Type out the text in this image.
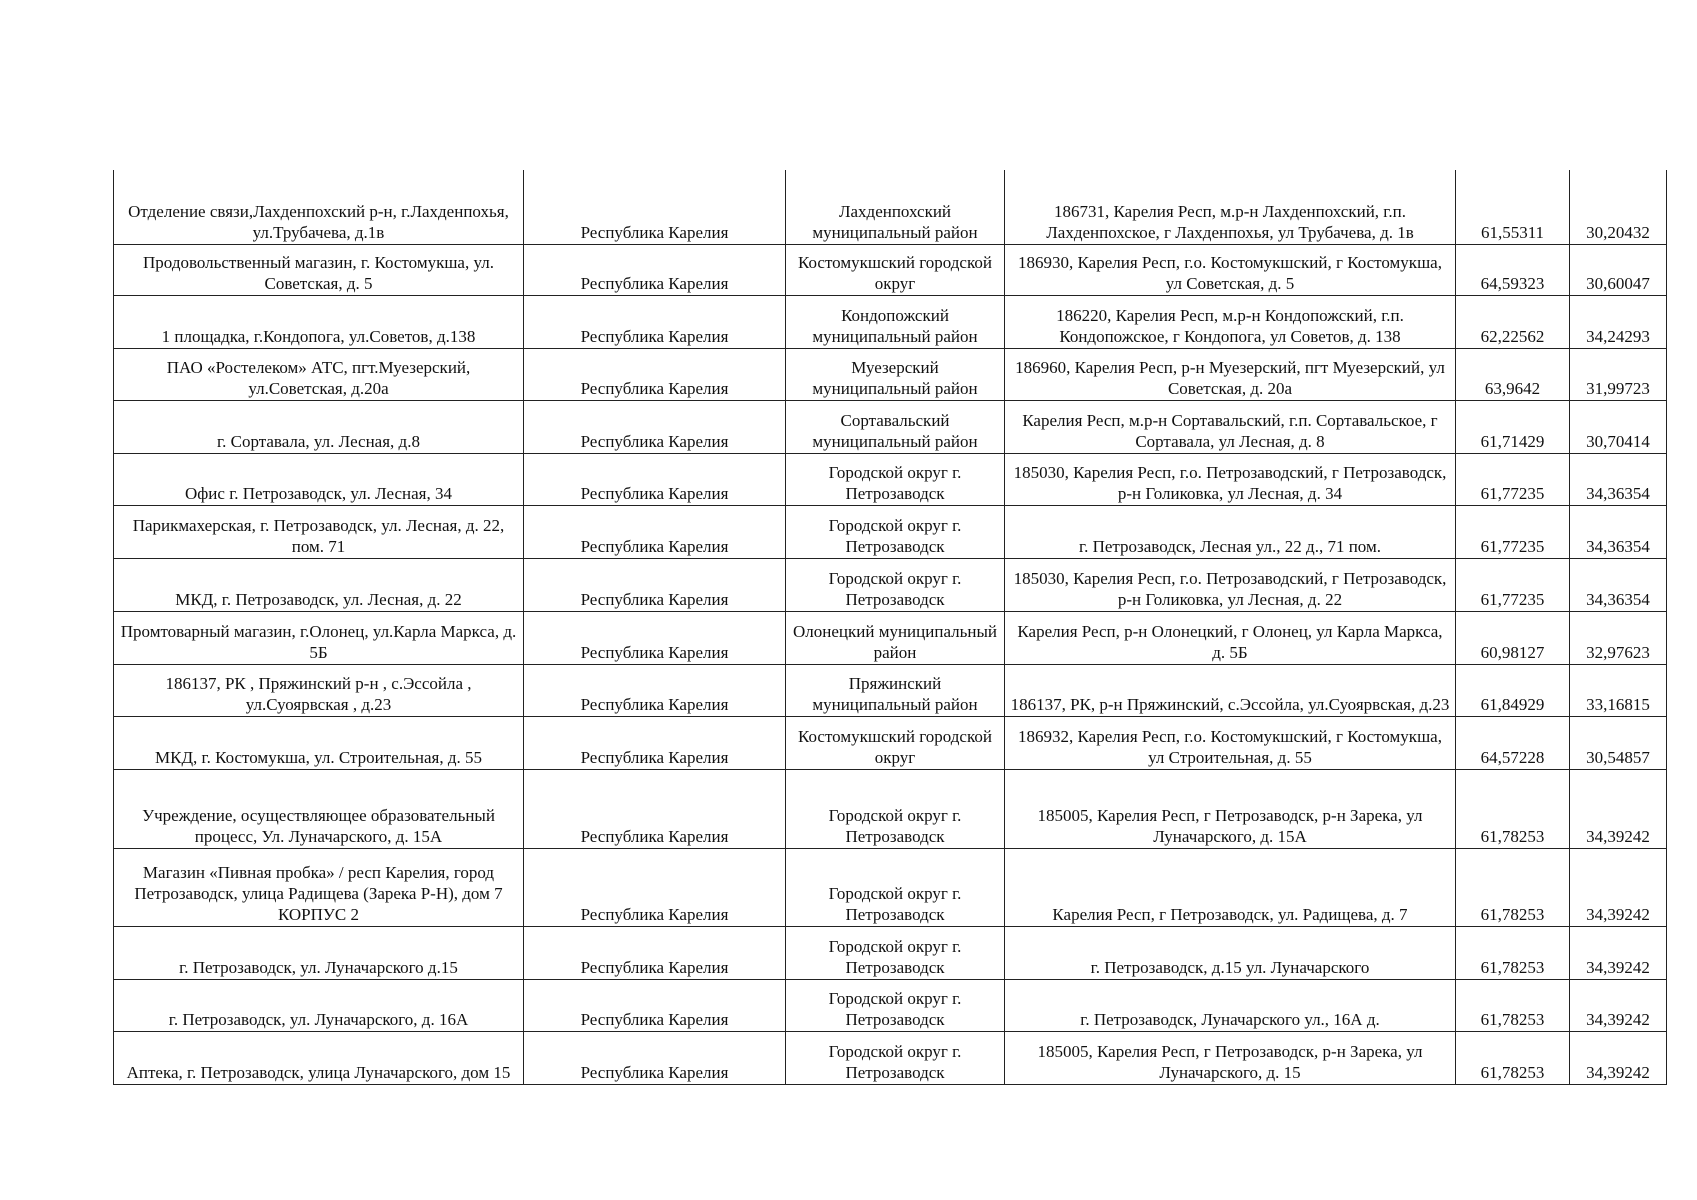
Отделение связи,Лахденпохский р-н, г.Лахденпохья, ул.Трубачева, д.1в	Республика Карелия	Лахденпохский муниципальный район	186731, Карелия Респ, м.р-н Лахденпохский, г.п. Лахденпохское, г Лахденпохья, ул Трубачева, д. 1в	61,55311	30,20432
Продовольственный магазин, г. Костомукша, ул. Советская, д. 5	Республика Карелия	Костомукшский городской округ	186930, Карелия Респ, г.о. Костомукшский, г Костомукша, ул Советская, д. 5	64,59323	30,60047
1 площадка, г.Кондопога, ул.Советов, д.138	Республика Карелия	Кондопожский муниципальный район	186220, Карелия Респ, м.р-н Кондопожский, г.п. Кондопожское, г Кондопога, ул Советов, д. 138	62,22562	34,24293
ПАО «Ростелеком» АТС, пгт.Муезерский, ул.Советская, д.20а	Республика Карелия	Муезерский муниципальный район	186960, Карелия Респ, р-н Муезерский, пгт Муезерский, ул Советская, д. 20а	63,9642	31,99723
г. Сортавала, ул. Лесная, д.8	Республика Карелия	Сортавальский муниципальный район	Карелия Респ, м.р-н Сортавальский, г.п. Сортавальское, г Сортавала, ул Лесная, д. 8	61,71429	30,70414
Офис г. Петрозаводск, ул. Лесная, 34	Республика Карелия	Городской округ г. Петрозаводск	185030, Карелия Респ, г.о. Петрозаводский, г Петрозаводск, р-н Голиковка, ул Лесная, д. 34	61,77235	34,36354
Парикмахерская, г. Петрозаводск, ул. Лесная, д. 22, пом. 71	Республика Карелия	Городской округ г. Петрозаводск	г. Петрозаводск, Лесная ул., 22 д., 71 пом.	61,77235	34,36354
МКД, г. Петрозаводск, ул. Лесная, д. 22	Республика Карелия	Городской округ г. Петрозаводск	185030, Карелия Респ, г.о. Петрозаводский, г Петрозаводск, р-н Голиковка, ул Лесная, д. 22	61,77235	34,36354
Промтоварный магазин, г.Олонец, ул.Карла Маркса, д. 5Б	Республика Карелия	Олонецкий муниципальный район	Карелия Респ, р-н Олонецкий, г Олонец, ул Карла Маркса, д. 5Б	60,98127	32,97623
186137, РК , Пряжинский р-н , с.Эссойла , ул.Суоярвская , д.23	Республика Карелия	Пряжинский муниципальный район	186137, РК, р-н Пряжинский, с.Эссойла, ул.Суоярвская, д.23	61,84929	33,16815
МКД, г. Костомукша, ул. Строительная, д. 55	Республика Карелия	Костомукшский городской округ	186932, Карелия Респ, г.о. Костомукшский, г Костомукша, ул Строительная, д. 55	64,57228	30,54857
Учреждение, осуществляющее образовательный процесс, Ул. Луначарского, д. 15А	Республика Карелия	Городской округ г. Петрозаводск	185005, Карелия Респ, г Петрозаводск, р-н Зарека, ул Луначарского, д. 15А	61,78253	34,39242
Магазин «Пивная пробка» / респ Карелия, город Петрозаводск, улица Радищева (Зарека Р-Н), дом 7 КОРПУС 2	Республика Карелия	Городской округ г. Петрозаводск	Карелия Респ, г Петрозаводск, ул. Радищева, д. 7	61,78253	34,39242
г. Петрозаводск, ул. Луначарского д.15	Республика Карелия	Городской округ г. Петрозаводск	г. Петрозаводск, д.15 ул. Луначарского	61,78253	34,39242
г. Петрозаводск, ул. Луначарского, д. 16А	Республика Карелия	Городской округ г. Петрозаводск	г. Петрозаводск, Луначарского ул., 16А д.	61,78253	34,39242
Аптека, г. Петрозаводск, улица Луначарского, дом 15	Республика Карелия	Городской округ г. Петрозаводск	185005, Карелия Респ, г Петрозаводск, р-н Зарека, ул Луначарского, д. 15	61,78253	34,39242
